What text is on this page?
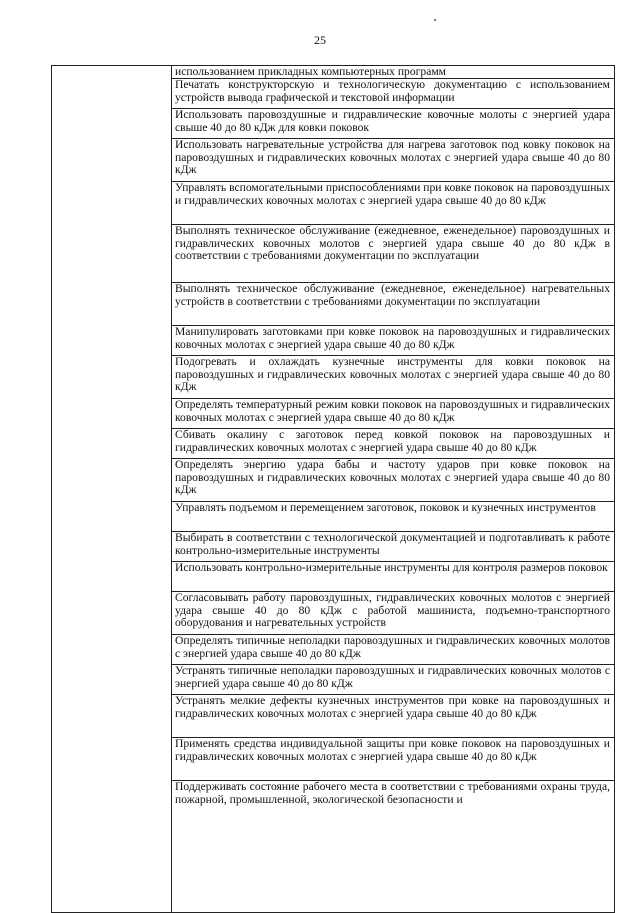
25
	использованием прикладных компьютерных программ
Печатать конструкторскую и технологическую документацию с использованием устройств вывода графической и текстовой информации
Использовать паровоздушные и гидравлические ковочные молоты с энергией удара свыше 40 до 80 кДж для ковки поковок
Использовать нагревательные устройства для нагрева заготовок под ковку поковок на паровоздушных и гидравлических ковочных молотах с энергией удара свыше 40 до 80 кДж
Управлять вспомогательными приспособлениями при ковке поковок на паровоздушных и гидравлических ковочных молотах с энергией удара свыше 40 до 80 кДж
Выполнять техническое обслуживание (ежедневное, еженедельное) паровоздушных и гидравлических ковочных молотов с энергией удара свыше 40 до 80 кДж в соответствии с требованиями документации по эксплуатации
Выполнять техническое обслуживание (ежедневное, еженедельное) нагревательных устройств в соответствии с требованиями документации по эксплуатации
Манипулировать заготовками при ковке поковок на паровоздушных и гидравлических ковочных молотах с энергией удара свыше 40 до 80 кДж
Подогревать и охлаждать кузнечные инструменты для ковки поковок на паровоздушных и гидравлических ковочных молотах с энергией удара свыше 40 до 80 кДж
Определять температурный режим ковки поковок на паровоздушных и гидравлических ковочных молотах с энергией удара свыше 40 до 80 кДж
Сбивать окалину с заготовок перед ковкой поковок на паровоздушных и гидравлических ковочных молотах с энергией удара свыше 40 до 80 кДж
Определять энергию удара бабы и частоту ударов при ковке поковок на паровоздушных и гидравлических ковочных молотах с энергией удара свыше 40 до 80 кДж
Управлять подъемом и перемещением заготовок, поковок и кузнечных инструментов
Выбирать в соответствии с технологической документацией и подготавливать к работе контрольно-измерительные инструменты
Использовать контрольно-измерительные инструменты для контроля размеров поковок
Согласовывать работу паровоздушных, гидравлических ковочных молотов с энергией удара свыше 40 до 80 кДж с работой машиниста, подъемно-транспортного оборудования и нагревательных устройств
Определять типичные неполадки паровоздушных и гидравлических ковочных молотов с энергией удара свыше 40 до 80 кДж
Устранять типичные неполадки паровоздушных и гидравлических ковочных молотов с энергией удара свыше 40 до 80 кДж
Устранять мелкие дефекты кузнечных инструментов при ковке на паровоздушных и гидравлических ковочных молотах с энергией удара свыше 40 до 80 кДж
Применять средства индивидуальной защиты при ковке поковок на паровоздушных и гидравлических ковочных молотах с энергией удара свыше 40 до 80 кДж
Поддерживать состояние рабочего места в соответствии с требованиями охраны труда, пожарной, промышленной, экологической безопасности и
